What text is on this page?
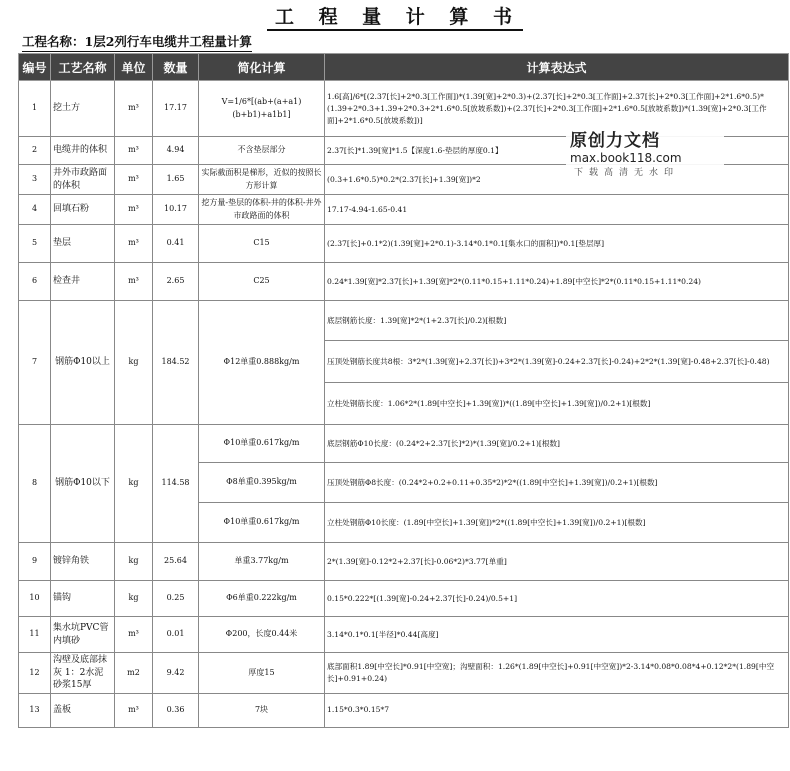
工 程 量 计 算 书
工程名称：1层2列行车电缆井工程量计算
编号	工艺名称	单位	数量	简化计算	计算表达式
1	挖土方	m³	17.17	V=1/6*[(ab+(a+a1)(b+b1)+a1b1]	1.6[高]/6*[(2.37[长]+2*0.3[工作面])*(1.39[宽]+2*0.3)+(2.37[长]+2*0.3[工作面]+2.37[长]+2*0.3[工作面]+2*1.6*0.5)*(1.39+2*0.3+1.39+2*0.3+2*1.6*0.5[放坡系数])+(2.37[长]+2*0.3[工作面]+2*1.6*0.5[放坡系数])*(1.39[宽]+2*0.3[工作面]+2*1.6*0.5[放坡系数])]
2	电缆井的体积	m³	4.94	不含垫层部分	2.37[长]*1.39[宽]*1.5【深度1.6-垫层的厚度0.1】
3	井外市政路面的体积	m³	1.65	实际截面积是梯形，近似的按照长方形计算	(0.3+1.6*0.5)*0.2*(2.37[长]+1.39[宽])*2
4	回填石粉	m³	10.17	挖方量-垫层的体积-井的体积-井外市政路面的体积	17.17-4.94-1.65-0.41
5	垫层	m³	0.41	C15	(2.37[长]+0.1*2)(1.39[宽]+2*0.1)-3.14*0.1*0.1[集水口的面积])*0.1[垫层厚]
6	检查井	m³	2.65	C25	0.24*1.39[宽]*2.37[长]+1.39[宽]*2*(0.11*0.15+1.11*0.24)+1.89[中空长]*2*(0.11*0.15+1.11*0.24)
7	钢筋Φ10以上	kg	184.52	Φ12单重0.888kg/m	底层钢筋长度：1.39[宽]*2*(1+2.37[长]/0.2)[根数]
					压顶处钢筋长度共8根：3*2*(1.39[宽]+2.37[长])+3*2*(1.39[宽]-0.24+2.37[长]-0.24)+2*2*(1.39[宽]-0.48+2.37[长]-0.48)
					立柱处钢筋长度：1.06*2*(1.89[中空长]+1.39[宽])*((1.89[中空长]+1.39[宽])/0.2+1)[根数]
8	钢筋Φ10以下	kg	114.58	Φ10单重0.617kg/m	底层钢筋Φ10长度：(0.24*2+2.37[长]*2)*(1.39[宽]/0.2+1)[根数]
				Φ8单重0.395kg/m	压顶处钢筋Φ8长度：(0.24*2+0.2+0.11+0.35*2)*2*((1.89[中空长]+1.39[宽])/0.2+1)[根数]
				Φ10单重0.617kg/m	立柱处钢筋Φ10长度：(1.89[中空长]+1.39[宽])*2*((1.89[中空长]+1.39[宽])/0.2+1)[根数]
9	镀锌角铁	kg	25.64	单重3.77kg/m	2*(1.39[宽]-0.12*2+2.37[长]-0.06*2)*3.77[单重]
10	锚钩	kg	0.25	Φ6单重0.222kg/m	0.15*0.222*[(1.39[宽]-0.24+2.37[长]-0.24)/0.5+1]
11	集水坑PVC管内填砂	m³	0.01	Φ200，长度0.44米	3.14*0.1*0.1[半径]*0.44[高度]
12	沟壁及底部抹灰 1：2水泥砂浆15厚	m2	9.42	厚度15	底部面积1.89[中空长]*0.91[中空宽]；沟壁面积：1.26*(1.89[中空长]+0.91[中空宽])*2-3.14*0.08*0.08*4+0.12*2*(1.89[中空长]+0.91+0.24)
13	盖板	m³	0.36	7块	1.15*0.3*0.15*7
原创力文档
max.book118.com
下载高清无水印
